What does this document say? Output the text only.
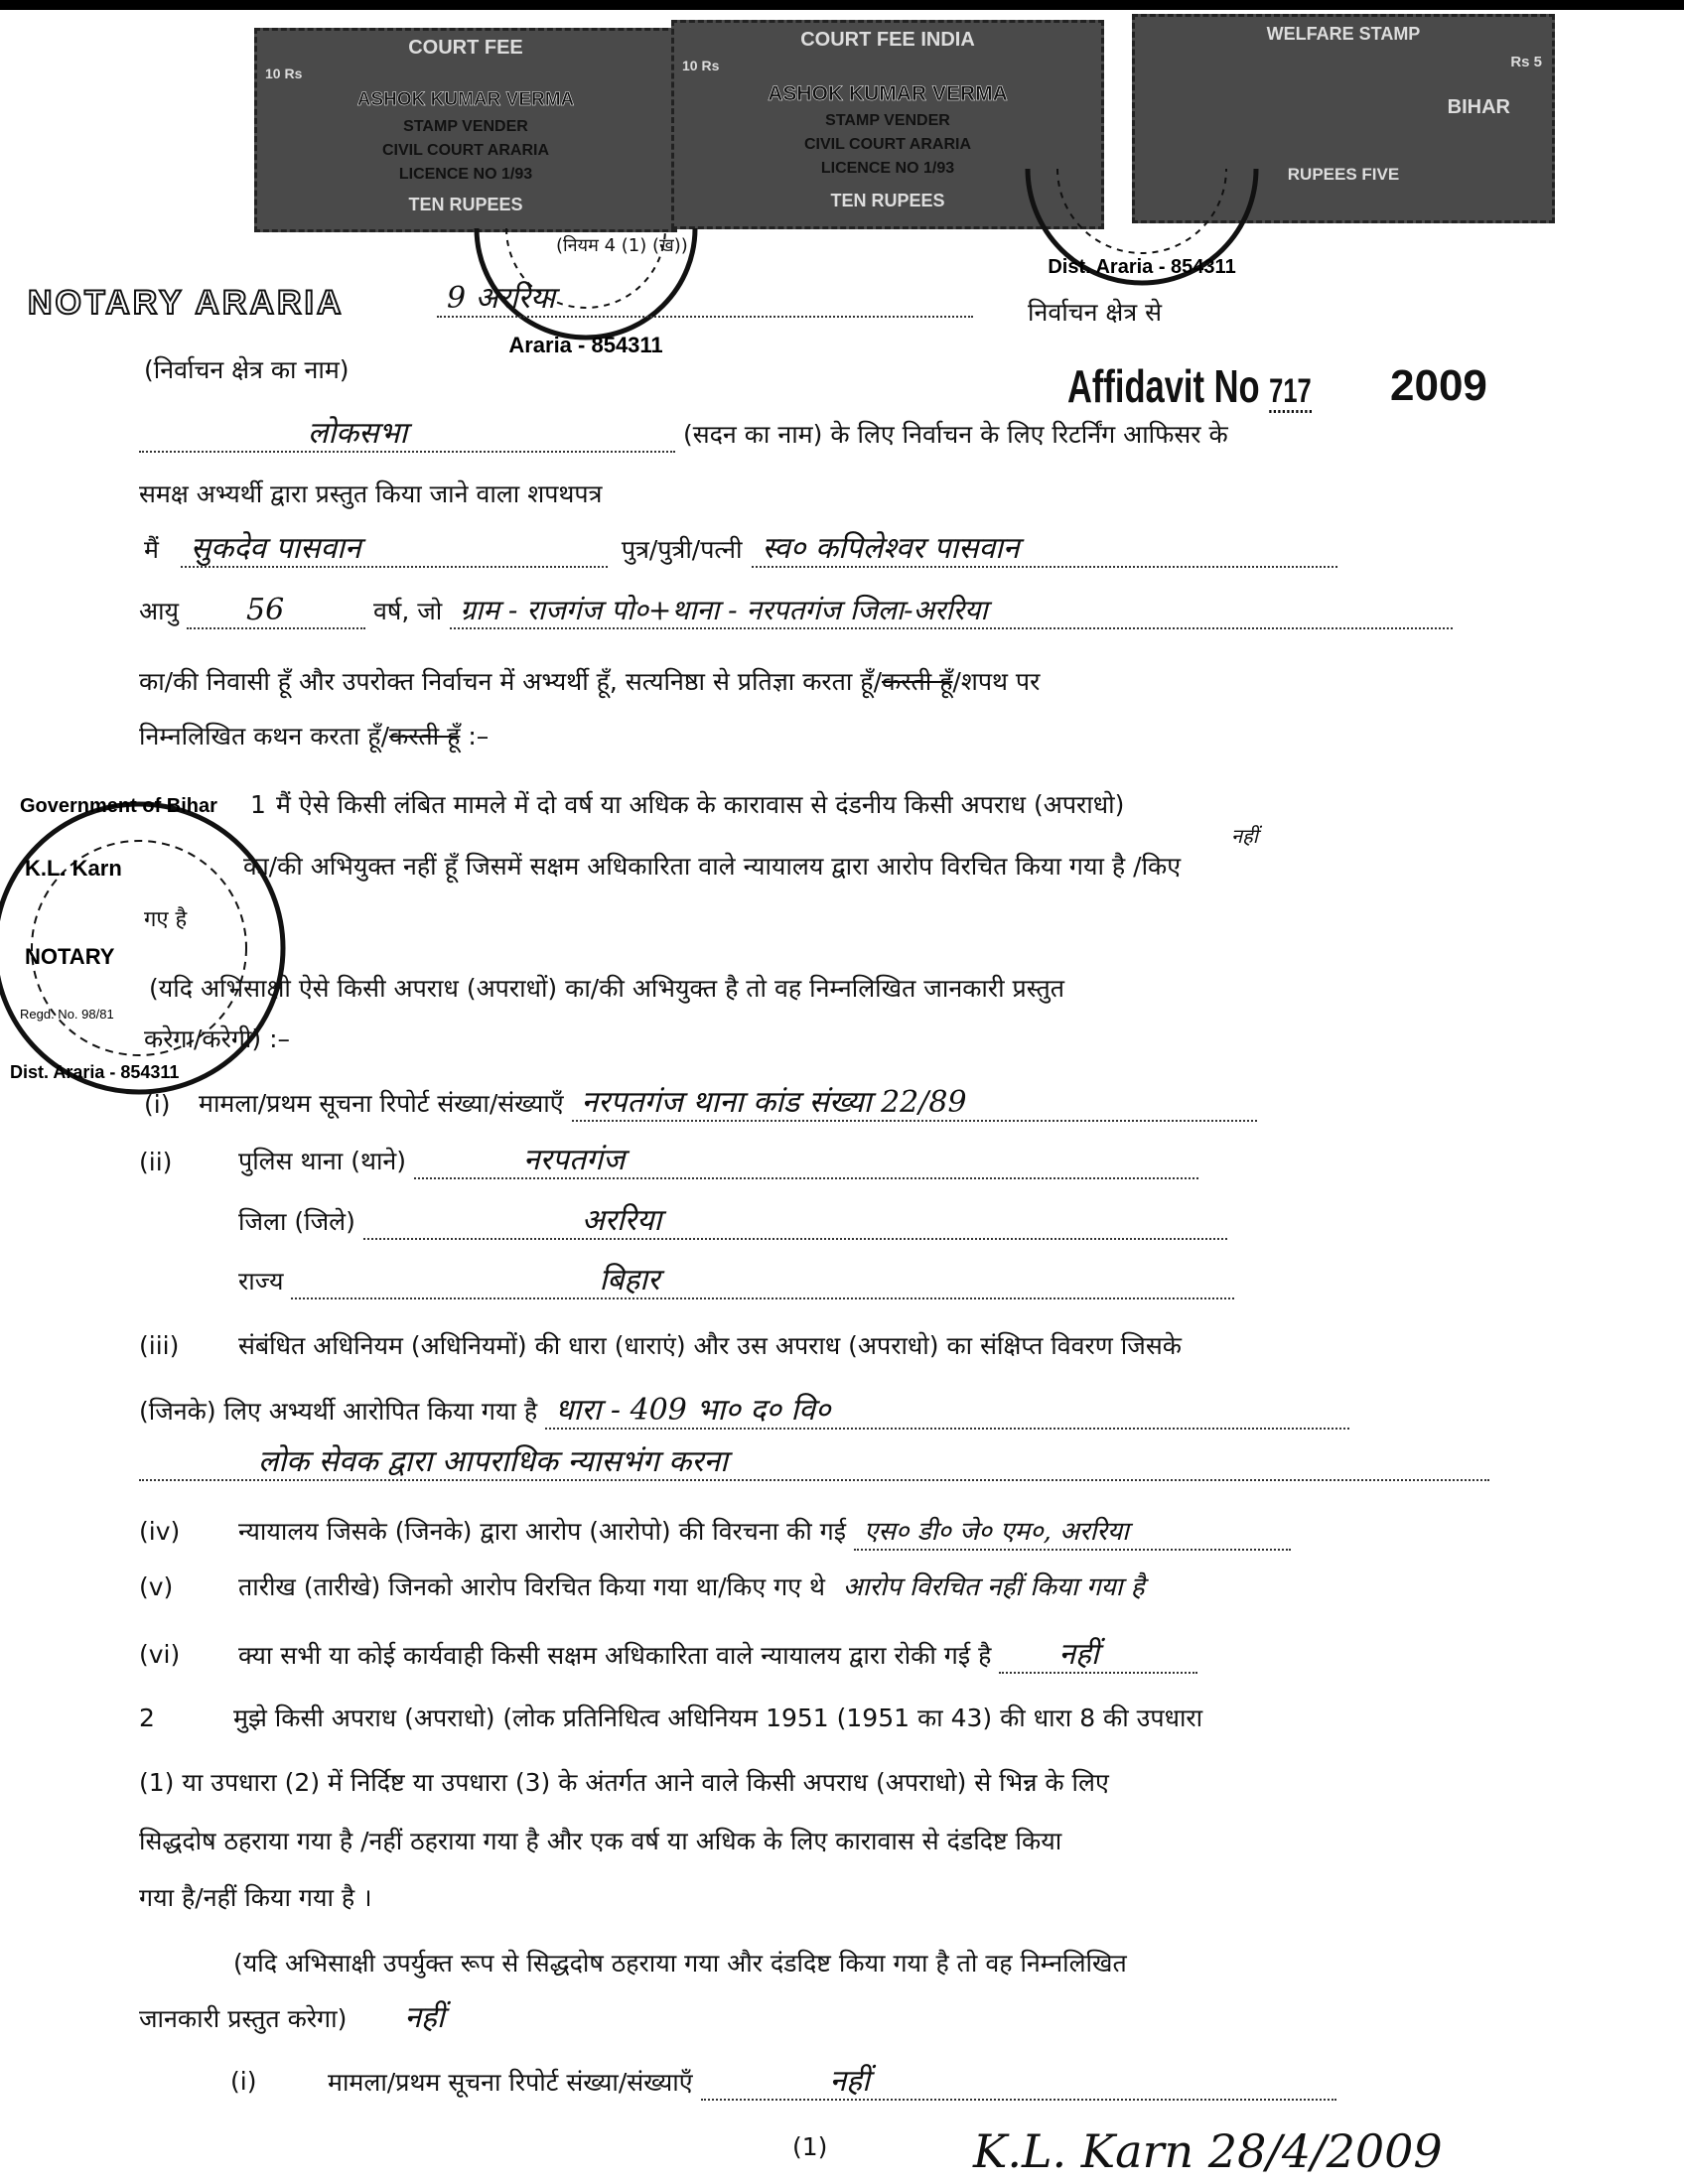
COURT FEE
10 Rs
ASHOK KUMAR VERMA
STAMP VENDER
CIVIL COURT ARARIA
LICENCE NO 1/93
TEN RUPEES
COURT FEE INDIA
10 Rs
ASHOK KUMAR VERMA
STAMP VENDER
CIVIL COURT ARARIA
LICENCE NO 1/93
TEN RUPEES
WELFARE STAMP
Rs 5
BIHAR
RUPEES FIVE
(नियम 4 (1) (ख))
Araria - 854311
Dist. Araria - 854311
Government of Bihar
K.L. Karn
NOTARY
Regd. No. 98/81
Dist. Araria - 854311
NOTARY ARARIA	9 अररिया	निर्वाचन क्षेत्र से
(निर्वाचन क्षेत्र का नाम)	Affidavit No 717 2009
लोकसभा	(सदन का नाम) के लिए निर्वाचन के लिए रिटर्निंग आफिसर के
समक्ष अभ्यर्थी द्वारा प्रस्तुत किया जाने वाला शपथपत्र
मैं सुकदेव पासवान	पुत्र/पुत्री/पत्नी स्व० कपिलेश्वर पासवान
आयु 56	वर्ष, जो ग्राम - राजगंज पो०+थाना - नरपतगंज जिला-अररिया
का/की निवासी हूँ और उपरोक्त निर्वाचन में अभ्यर्थी हूँ, सत्यनिष्ठा से प्रतिज्ञा करता हूँ/करती हूँ/शपथ पर
निम्नलिखित कथन करता हूँ/करती हूँ :–
1 मैं ऐसे किसी लंबित मामले में दो वर्ष या अधिक के कारावास से दंडनीय किसी अपराध (अपराधो)
नहीं
का/की अभियुक्त नहीं हूँ जिसमें सक्षम अधिकारिता वाले न्यायालय द्वारा आरोप विरचित किया गया है /किए
गए है
(यदि अभिसाक्षी ऐसे किसी अपराध (अपराधों) का/की अभियुक्त है तो वह निम्नलिखित जानकारी प्रस्तुत
करेगा/करेगी) :–
(i) मामला/प्रथम सूचना रिपोर्ट संख्या/संख्याएँ नरपतगंज थाना कांड संख्या 22/89
(ii)	पुलिस थाना (थाने)	नरपतगंज
जिला (जिले)	अररिया
राज्य	बिहार
(iii) संबंधित अधिनियम (अधिनियमों) की धारा (धाराएं) और उस अपराध (अपराधो) का संक्षिप्त विवरण जिसके
(जिनके) लिए अभ्यर्थी आरोपित किया गया है धारा - 409 भा० द० वि०
लोक सेवक द्वारा आपराधिक न्यासभंग करना
(iv) न्यायालय जिसके (जिनके) द्वारा आरोप (आरोपो) की विरचना की गई एस० डी० जे० एम०, अररिया
(v)	तारीख (तारीखे) जिनको आरोप विरचित किया गया था/किए गए थे आरोप विरचित नहीं किया गया है
(vi) क्या सभी या कोई कार्यवाही किसी सक्षम अधिकारिता वाले न्यायालय द्वारा रोकी गई है नहीं
2	मुझे किसी अपराध (अपराधो) (लोक प्रतिनिधित्व अधिनियम 1951 (1951 का 43) की धारा 8 की उपधारा
(1) या उपधारा (2) में निर्दिष्ट या उपधारा (3) के अंतर्गत आने वाले किसी अपराध (अपराधो) से भिन्न के लिए
सिद्धदोष ठहराया गया है /नहीं ठहराया गया है और एक वर्ष या अधिक के लिए कारावास से दंडदिष्ट किया
गया है/नहीं किया गया है ।
(यदि अभिसाक्षी उपर्युक्त रूप से सिद्धदोष ठहराया गया और दंडदिष्ट किया गया है तो वह निम्नलिखित
जानकारी प्रस्तुत करेगा) नहीं
(i)	मामला/प्रथम सूचना रिपोर्ट संख्या/संख्याएँ	नहीं
(1)	K.L. Karn 28/4/2009
